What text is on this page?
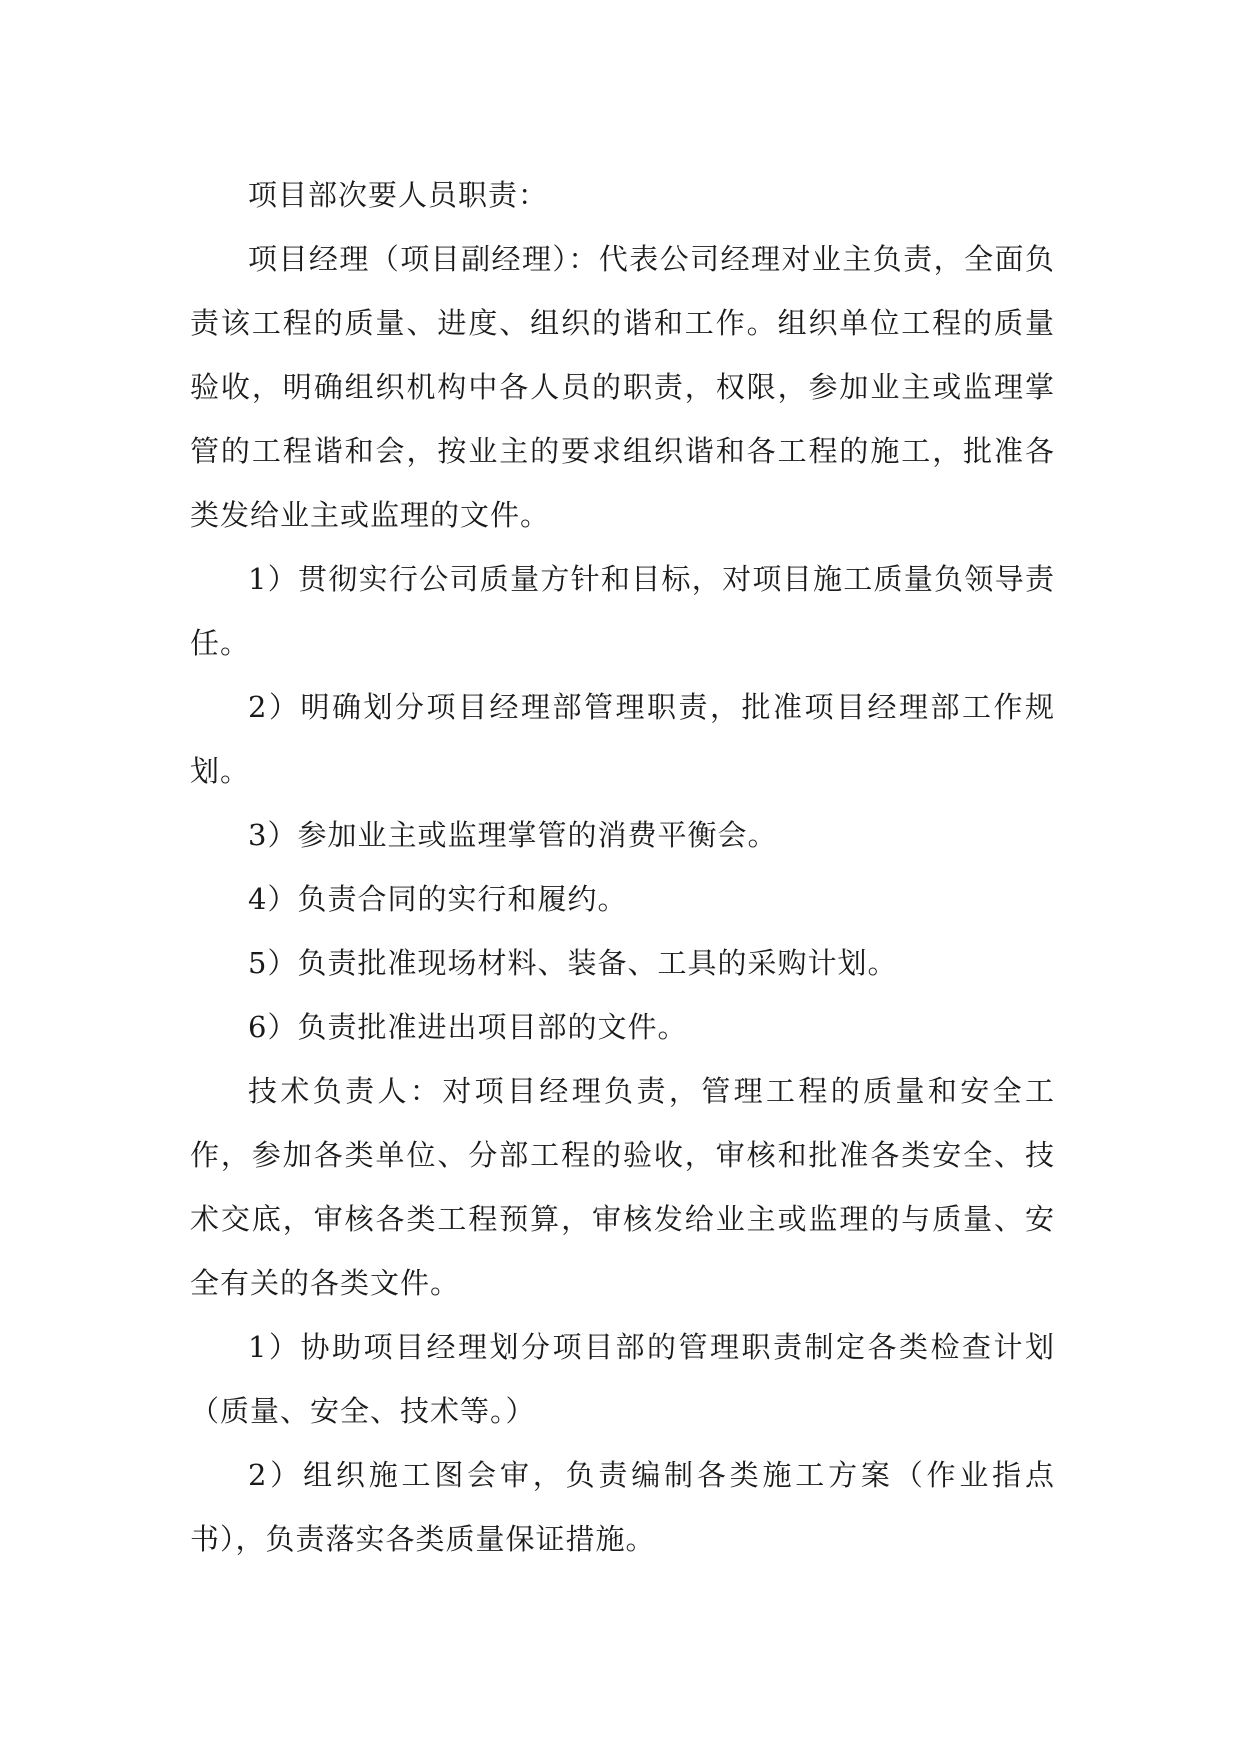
项目部次要人员职责：

项目经理（项目副经理）：代表公司经理对业主负责，全面负责该工程的质量、进度、组织的谐和工作。组织单位工程的质量验收，明确组织机构中各人员的职责，权限，参加业主或监理掌管的工程谐和会，按业主的要求组织谐和各工程的施工，批准各类发给业主或监理的文件。

1）贯彻实行公司质量方针和目标，对项目施工质量负领导责任。

2）明确划分项目经理部管理职责，批准项目经理部工作规划。

3）参加业主或监理掌管的消费平衡会。

4）负责合同的实行和履约。

5）负责批准现场材料、装备、工具的采购计划。

6）负责批准进出项目部的文件。

技术负责人：对项目经理负责，管理工程的质量和安全工作，参加各类单位、分部工程的验收，审核和批准各类安全、技术交底，审核各类工程预算，审核发给业主或监理的与质量、安全有关的各类文件。

1）协助项目经理划分项目部的管理职责制定各类检查计划（质量、安全、技术等。）

2）组织施工图会审，负责编制各类施工方案（作业指点书），负责落实各类质量保证措施。
